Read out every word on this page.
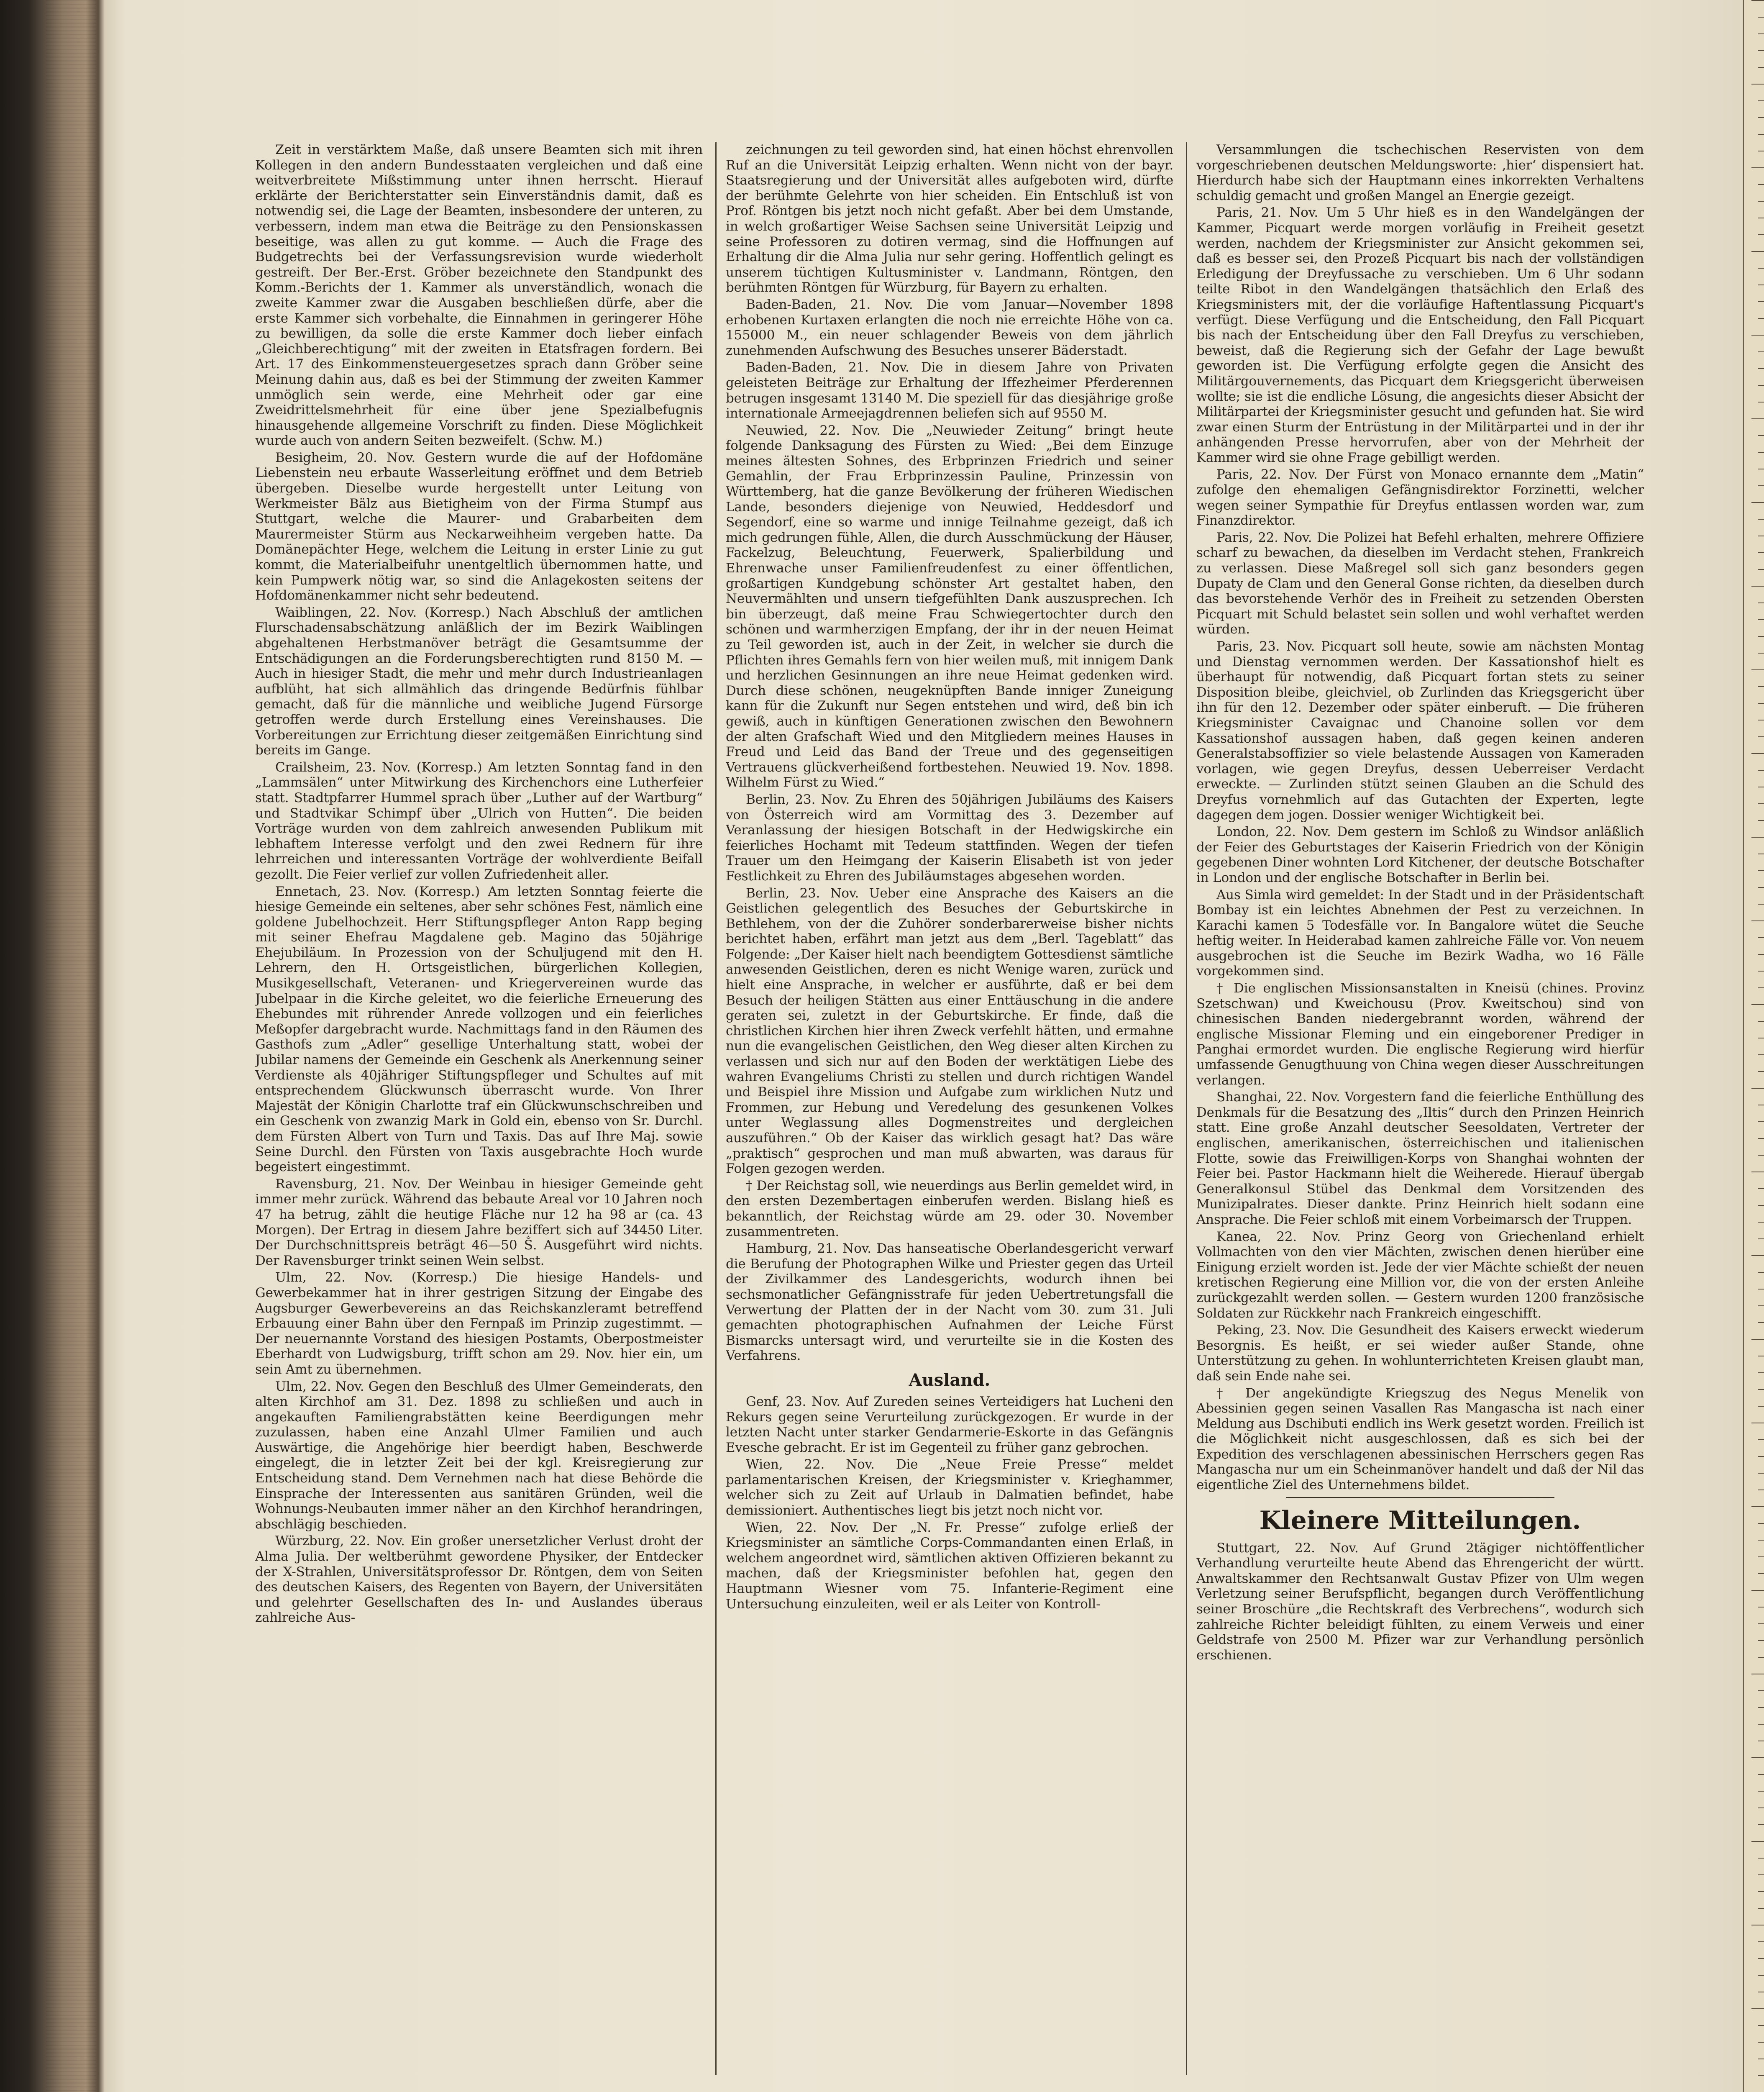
Zeit in verstärktem Maße, daß unsere Beamten sich mit ihren Kollegen in den andern Bundesstaaten vergleichen und daß eine weitverbreitete Mißstimmung unter ihnen herrscht. Hierauf erklärte der Berichterstatter sein Einverständnis damit, daß es notwendig sei, die Lage der Beamten, insbesondere der unteren, zu verbessern, indem man etwa die Beiträge zu den Pensionskassen beseitige, was allen zu gut komme. — Auch die Frage des Budgetrechts bei der Verfassungsrevision wurde wiederholt gestreift. Der Ber.-Erst. Gröber bezeichnete den Standpunkt des Komm.-Berichts der 1. Kammer als unverständlich, wonach die zweite Kammer zwar die Ausgaben beschließen dürfe, aber die erste Kammer sich vorbehalte, die Einnahmen in geringerer Höhe zu bewilligen, da solle die erste Kammer doch lieber einfach „Gleichberechtigung“ mit der zweiten in Etatsfragen fordern. Bei Art. 17 des Einkommensteuergesetzes sprach dann Gröber seine Meinung dahin aus, daß es bei der Stimmung der zweiten Kammer unmöglich sein werde, eine Mehrheit oder gar eine Zweidrittelsmehrheit für eine über jene Spezialbefugnis hinausgehende allgemeine Vorschrift zu finden. Diese Möglichkeit wurde auch von andern Seiten bezweifelt. (Schw. M.)

Besigheim, 20. Nov. Gestern wurde die auf der Hofdomäne Liebenstein neu erbaute Wasserleitung eröffnet und dem Betrieb übergeben. Dieselbe wurde hergestellt unter Leitung von Werkmeister Bälz aus Bietigheim von der Firma Stumpf aus Stuttgart, welche die Maurer- und Grabarbeiten dem Maurermeister Stürm aus Neckarweihheim vergeben hatte. Da Domänepächter Hege, welchem die Leitung in erster Linie zu gut kommt, die Materialbeifuhr unentgeltlich übernommen hatte, und kein Pumpwerk nötig war, so sind die Anlagekosten seitens der Hofdomänenkammer nicht sehr bedeutend.

Waiblingen, 22. Nov. (Korresp.) Nach Abschluß der amtlichen Flurschadensabschätzung anläßlich der im Bezirk Waiblingen abgehaltenen Herbstmanöver beträgt die Gesamtsumme der Entschädigungen an die Forderungsberechtigten rund 8150 M. — Auch in hiesiger Stadt, die mehr und mehr durch Industrieanlagen aufblüht, hat sich allmählich das dringende Bedürfnis fühlbar gemacht, daß für die männliche und weibliche Jugend Fürsorge getroffen werde durch Erstellung eines Vereinshauses. Die Vorbereitungen zur Errichtung dieser zeitgemäßen Einrichtung sind bereits im Gange.

Crailsheim, 23. Nov. (Korresp.) Am letzten Sonntag fand in den „Lammsälen“ unter Mitwirkung des Kirchenchors eine Lutherfeier statt. Stadtpfarrer Hummel sprach über „Luther auf der Wartburg“ und Stadtvikar Schimpf über „Ulrich von Hutten“. Die beiden Vorträge wurden von dem zahlreich anwesenden Publikum mit lebhaftem Interesse verfolgt und den zwei Rednern für ihre lehrreichen und interessanten Vorträge der wohlverdiente Beifall gezollt. Die Feier verlief zur vollen Zufriedenheit aller.

Ennetach, 23. Nov. (Korresp.) Am letzten Sonntag feierte die hiesige Gemeinde ein seltenes, aber sehr schönes Fest, nämlich eine goldene Jubelhochzeit. Herr Stiftungspfleger Anton Rapp beging mit seiner Ehefrau Magdalene geb. Magino das 50jährige Ehejubiläum. In Prozession von der Schuljugend mit den H. Lehrern, den H. Ortsgeistlichen, bürgerlichen Kollegien, Musikgesellschaft, Veteranen- und Kriegervereinen wurde das Jubelpaar in die Kirche geleitet, wo die feierliche Erneuerung des Ehebundes mit rührender Anrede vollzogen und ein feierliches Meßopfer dargebracht wurde. Nachmittags fand in den Räumen des Gasthofs zum „Adler“ gesellige Unterhaltung statt, wobei der Jubilar namens der Gemeinde ein Geschenk als Anerkennung seiner Verdienste als 40jähriger Stiftungspfleger und Schultes auf mit entsprechendem Glückwunsch überrascht wurde. Von Ihrer Majestät der Königin Charlotte traf ein Glückwunschschreiben und ein Geschenk von zwanzig Mark in Gold ein, ebenso von Sr. Durchl. dem Fürsten Albert von Turn und Taxis. Das auf Ihre Maj. sowie Seine Durchl. den Fürsten von Taxis ausgebrachte Hoch wurde begeistert eingestimmt.

Ravensburg, 21. Nov. Der Weinbau in hiesiger Gemeinde geht immer mehr zurück. Während das bebaute Areal vor 10 Jahren noch 47 ha betrug, zählt die heutige Fläche nur 12 ha 98 ar (ca. 43 Morgen). Der Ertrag in diesem Jahre beziffert sich auf 34450 Liter. Der Durchschnittspreis beträgt 46—50 Ṧ. Ausgeführt wird nichts. Der Ravensburger trinkt seinen Wein selbst.

Ulm, 22. Nov. (Korresp.) Die hiesige Handels- und Gewerbekammer hat in ihrer gestrigen Sitzung der Eingabe des Augsburger Gewerbevereins an das Reichskanzleramt betreffend Erbauung einer Bahn über den Fernpaß im Prinzip zugestimmt. — Der neuernannte Vorstand des hiesigen Postamts, Oberpostmeister Eberhardt von Ludwigsburg, trifft schon am 29. Nov. hier ein, um sein Amt zu übernehmen.

Ulm, 22. Nov. Gegen den Beschluß des Ulmer Gemeinderats, den alten Kirchhof am 31. Dez. 1898 zu schließen und auch in angekauften Familiengrabstätten keine Beerdigungen mehr zuzulassen, haben eine Anzahl Ulmer Familien und auch Auswärtige, die Angehörige hier beerdigt haben, Beschwerde eingelegt, die in letzter Zeit bei der kgl. Kreisregierung zur Entscheidung stand. Dem Vernehmen nach hat diese Behörde die Einsprache der Interessenten aus sanitären Gründen, weil die Wohnungs-Neubauten immer näher an den Kirchhof herandringen, abschlägig beschieden.

Würzburg, 22. Nov. Ein großer unersetzlicher Verlust droht der Alma Julia. Der weltberühmt gewordene Physiker, der Entdecker der X-Strahlen, Universitätsprofessor Dr. Röntgen, dem von Seiten des deutschen Kaisers, des Regenten von Bayern, der Universitäten und gelehrter Gesellschaften des In- und Auslandes überaus zahlreiche Aus-

zeichnungen zu teil geworden sind, hat einen höchst ehrenvollen Ruf an die Universität Leipzig erhalten. Wenn nicht von der bayr. Staatsregierung und der Universität alles aufgeboten wird, dürfte der berühmte Gelehrte von hier scheiden. Ein Entschluß ist von Prof. Röntgen bis jetzt noch nicht gefaßt. Aber bei dem Umstande, in welch großartiger Weise Sachsen seine Universität Leipzig und seine Professoren zu dotiren vermag, sind die Hoffnungen auf Erhaltung dir die Alma Julia nur sehr gering. Hoffentlich gelingt es unserem tüchtigen Kultusminister v. Landmann, Röntgen, den berühmten Röntgen für Würzburg, für Bayern zu erhalten.

Baden-Baden, 21. Nov. Die vom Januar—November 1898 erhobenen Kurtaxen erlangten die noch nie erreichte Höhe von ca. 155000 M., ein neuer schlagender Beweis von dem jährlich zunehmenden Aufschwung des Besuches unserer Bäderstadt.

Baden-Baden, 21. Nov. Die in diesem Jahre von Privaten geleisteten Beiträge zur Erhaltung der Iffezheimer Pferderennen betrugen insgesamt 13140 M. Die speziell für das diesjährige große internationale Armeejagdrennen beliefen sich auf 9550 M.

Neuwied, 22. Nov. Die „Neuwieder Zeitung“ bringt heute folgende Danksagung des Fürsten zu Wied: „Bei dem Einzuge meines ältesten Sohnes, des Erbprinzen Friedrich und seiner Gemahlin, der Frau Erbprinzessin Pauline, Prinzessin von Württemberg, hat die ganze Bevölkerung der früheren Wiedischen Lande, besonders diejenige von Neuwied, Heddesdorf und Segendorf, eine so warme und innige Teilnahme gezeigt, daß ich mich gedrungen fühle, Allen, die durch Ausschmückung der Häuser, Fackelzug, Beleuchtung, Feuerwerk, Spalierbildung und Ehrenwache unser Familienfreudenfest zu einer öffentlichen, großartigen Kundgebung schönster Art gestaltet haben, den Neuvermählten und unsern tiefgefühlten Dank auszusprechen. Ich bin überzeugt, daß meine Frau Schwiegertochter durch den schönen und warmherzigen Empfang, der ihr in der neuen Heimat zu Teil geworden ist, auch in der Zeit, in welcher sie durch die Pflichten ihres Gemahls fern von hier weilen muß, mit innigem Dank und herzlichen Gesinnungen an ihre neue Heimat gedenken wird. Durch diese schönen, neugeknüpften Bande inniger Zuneigung kann für die Zukunft nur Segen entstehen und wird, deß bin ich gewiß, auch in künftigen Generationen zwischen den Bewohnern der alten Grafschaft Wied und den Mitgliedern meines Hauses in Freud und Leid das Band der Treue und des gegenseitigen Vertrauens glückverheißend fortbestehen. Neuwied 19. Nov. 1898. Wilhelm Fürst zu Wied.“

Berlin, 23. Nov. Zu Ehren des 50jährigen Jubiläums des Kaisers von Österreich wird am Vormittag des 3. Dezember auf Veranlassung der hiesigen Botschaft in der Hedwigskirche ein feierliches Hochamt mit Tedeum stattfinden. Wegen der tiefen Trauer um den Heimgang der Kaiserin Elisabeth ist von jeder Festlichkeit zu Ehren des Jubiläumstages abgesehen worden.

Berlin, 23. Nov. Ueber eine Ansprache des Kaisers an die Geistlichen gelegentlich des Besuches der Geburtskirche in Bethlehem, von der die Zuhörer sonderbarerweise bisher nichts berichtet haben, erfährt man jetzt aus dem „Berl. Tageblatt“ das Folgende: „Der Kaiser hielt nach beendigtem Gottesdienst sämtliche anwesenden Geistlichen, deren es nicht Wenige waren, zurück und hielt eine Ansprache, in welcher er ausführte, daß er bei dem Besuch der heiligen Stätten aus einer Enttäuschung in die andere geraten sei, zuletzt in der Geburtskirche. Er finde, daß die christlichen Kirchen hier ihren Zweck verfehlt hätten, und ermahne nun die evangelischen Geistlichen, den Weg dieser alten Kirchen zu verlassen und sich nur auf den Boden der werktätigen Liebe des wahren Evangeliums Christi zu stellen und durch richtigen Wandel und Beispiel ihre Mission und Aufgabe zum wirklichen Nutz und Frommen, zur Hebung und Veredelung des gesunkenen Volkes unter Weglassung alles Dogmenstreites und dergleichen auszuführen.“ Ob der Kaiser das wirklich gesagt hat? Das wäre „praktisch“ gesprochen und man muß abwarten, was daraus für Folgen gezogen werden.

† Der Reichstag soll, wie neuerdings aus Berlin gemeldet wird, in den ersten Dezembertagen einberufen werden. Bislang hieß es bekanntlich, der Reichstag würde am 29. oder 30. November zusammentreten.

Hamburg, 21. Nov. Das hanseatische Oberlandesgericht verwarf die Berufung der Photographen Wilke und Priester gegen das Urteil der Zivilkammer des Landesgerichts, wodurch ihnen bei sechsmonatlicher Gefängnisstrafe für jeden Uebertretungsfall die Verwertung der Platten der in der Nacht vom 30. zum 31. Juli gemachten photographischen Aufnahmen der Leiche Fürst Bismarcks untersagt wird, und verurteilte sie in die Kosten des Verfahrens.

Ausland.

Genf, 23. Nov. Auf Zureden seines Verteidigers hat Lucheni den Rekurs gegen seine Verurteilung zurückgezogen. Er wurde in der letzten Nacht unter starker Gendarmerie-Eskorte in das Gefängnis Evesche gebracht. Er ist im Gegenteil zu früher ganz gebrochen.

Wien, 22. Nov. Die „Neue Freie Presse“ meldet parlamentarischen Kreisen, der Kriegsminister v. Krieghammer, welcher sich zu Zeit auf Urlaub in Dalmatien befindet, habe demissioniert. Authentisches liegt bis jetzt noch nicht vor.

Wien, 22. Nov. Der „N. Fr. Presse“ zufolge erließ der Kriegsminister an sämtliche Corps-Commandanten einen Erlaß, in welchem angeordnet wird, sämtlichen aktiven Offizieren bekannt zu machen, daß der Kriegsminister befohlen hat, gegen den Hauptmann Wiesner vom 75. Infanterie-Regiment eine Untersuchung einzuleiten, weil er als Leiter von Kontroll-

Versammlungen die tschechischen Reservisten von dem vorgeschriebenen deutschen Meldungsworte: ‚hier‘ dispensiert hat. Hierdurch habe sich der Hauptmann eines inkorrekten Verhaltens schuldig gemacht und großen Mangel an Energie gezeigt.

Paris, 21. Nov. Um 5 Uhr hieß es in den Wandelgängen der Kammer, Picquart werde morgen vorläufig in Freiheit gesetzt werden, nachdem der Kriegsminister zur Ansicht gekommen sei, daß es besser sei, den Prozeß Picquart bis nach der vollständigen Erledigung der Dreyfussache zu verschieben. Um 6 Uhr sodann teilte Ribot in den Wandelgängen thatsächlich den Erlaß des Kriegsministers mit, der die vorläufige Haftentlassung Picquart's verfügt. Diese Verfügung und die Entscheidung, den Fall Picquart bis nach der Entscheidung über den Fall Dreyfus zu verschieben, beweist, daß die Regierung sich der Gefahr der Lage bewußt geworden ist. Die Verfügung erfolgte gegen die Ansicht des Militärgouvernements, das Picquart dem Kriegsgericht überweisen wollte; sie ist die endliche Lösung, die angesichts dieser Absicht der Militärpartei der Kriegsminister gesucht und gefunden hat. Sie wird zwar einen Sturm der Entrüstung in der Militärpartei und in der ihr anhängenden Presse hervorrufen, aber von der Mehrheit der Kammer wird sie ohne Frage gebilligt werden.

Paris, 22. Nov. Der Fürst von Monaco ernannte dem „Matin“ zufolge den ehemaligen Gefängnisdirektor Forzinetti, welcher wegen seiner Sympathie für Dreyfus entlassen worden war, zum Finanzdirektor.

Paris, 22. Nov. Die Polizei hat Befehl erhalten, mehrere Offiziere scharf zu bewachen, da dieselben im Verdacht stehen, Frankreich zu verlassen. Diese Maßregel soll sich ganz besonders gegen Dupaty de Clam und den General Gonse richten, da dieselben durch das bevorstehende Verhör des in Freiheit zu setzenden Obersten Picquart mit Schuld belastet sein sollen und wohl verhaftet werden würden.

Paris, 23. Nov. Picquart soll heute, sowie am nächsten Montag und Dienstag vernommen werden. Der Kassationshof hielt es überhaupt für notwendig, daß Picquart fortan stets zu seiner Disposition bleibe, gleichviel, ob Zurlinden das Kriegsgericht über ihn für den 12. Dezember oder später einberuft. — Die früheren Kriegsminister Cavaignac und Chanoine sollen vor dem Kassationshof aussagen haben, daß gegen keinen anderen Generalstabsoffizier so viele belastende Aussagen von Kameraden vorlagen, wie gegen Dreyfus, dessen Ueberreiser Verdacht erweckte. — Zurlinden stützt seinen Glauben an die Schuld des Dreyfus vornehmlich auf das Gutachten der Experten, legte dagegen dem jogen. Dossier weniger Wichtigkeit bei.

London, 22. Nov. Dem gestern im Schloß zu Windsor anläßlich der Feier des Geburtstages der Kaiserin Friedrich von der Königin gegebenen Diner wohnten Lord Kitchener, der deutsche Botschafter in London und der englische Botschafter in Berlin bei.

Aus Simla wird gemeldet: In der Stadt und in der Präsidentschaft Bombay ist ein leichtes Abnehmen der Pest zu verzeichnen. In Karachi kamen 5 Todesfälle vor. In Bangalore wütet die Seuche heftig weiter. In Heiderabad kamen zahlreiche Fälle vor. Von neuem ausgebrochen ist die Seuche im Bezirk Wadha, wo 16 Fälle vorgekommen sind.

† Die englischen Missionsanstalten in Kneisü (chines. Provinz Szetschwan) und Kweichousu (Prov. Kweitschou) sind von chinesischen Banden niedergebrannt worden, während der englische Missionar Fleming und ein eingeborener Prediger in Panghai ermordet wurden. Die englische Regierung wird hierfür umfassende Genugthuung von China wegen dieser Ausschreitungen verlangen.

Shanghai, 22. Nov. Vorgestern fand die feierliche Enthüllung des Denkmals für die Besatzung des „Iltis“ durch den Prinzen Heinrich statt. Eine große Anzahl deutscher Seesoldaten, Vertreter der englischen, amerikanischen, österreichischen und italienischen Flotte, sowie das Freiwilligen-Korps von Shanghai wohnten der Feier bei. Pastor Hackmann hielt die Weiherede. Hierauf übergab Generalkonsul Stübel das Denkmal dem Vorsitzenden des Munizipalrates. Dieser dankte. Prinz Heinrich hielt sodann eine Ansprache. Die Feier schloß mit einem Vorbeimarsch der Truppen.

Kanea, 22. Nov. Prinz Georg von Griechenland erhielt Vollmachten von den vier Mächten, zwischen denen hierüber eine Einigung erzielt worden ist. Jede der vier Mächte schießt der neuen kretischen Regierung eine Million vor, die von der ersten Anleihe zurückgezahlt werden sollen. — Gestern wurden 1200 französische Soldaten zur Rückkehr nach Frankreich eingeschifft.

Peking, 23. Nov. Die Gesundheit des Kaisers erweckt wiederum Besorgnis. Es heißt, er sei wieder außer Stande, ohne Unterstützung zu gehen. In wohlunterrichteten Kreisen glaubt man, daß sein Ende nahe sei.

† Der angekündigte Kriegszug des Negus Menelik von Abessinien gegen seinen Vasallen Ras Mangascha ist nach einer Meldung aus Dschibuti endlich ins Werk gesetzt worden. Freilich ist die Möglichkeit nicht ausgeschlossen, daß es sich bei der Expedition des verschlagenen abessinischen Herrschers gegen Ras Mangascha nur um ein Scheinmanöver handelt und daß der Nil das eigentliche Ziel des Unternehmens bildet.

Kleinere Mitteilungen.

Stuttgart, 22. Nov. Auf Grund 2tägiger nichtöffentlicher Verhandlung verurteilte heute Abend das Ehrengericht der württ. Anwaltskammer den Rechtsanwalt Gustav Pfizer von Ulm wegen Verletzung seiner Berufspflicht, begangen durch Veröffentlichung seiner Broschüre „die Rechtskraft des Verbrechens“, wodurch sich zahlreiche Richter beleidigt fühlten, zu einem Verweis und einer Geldstrafe von 2500 M. Pfizer war zur Verhandlung persönlich erschienen.
